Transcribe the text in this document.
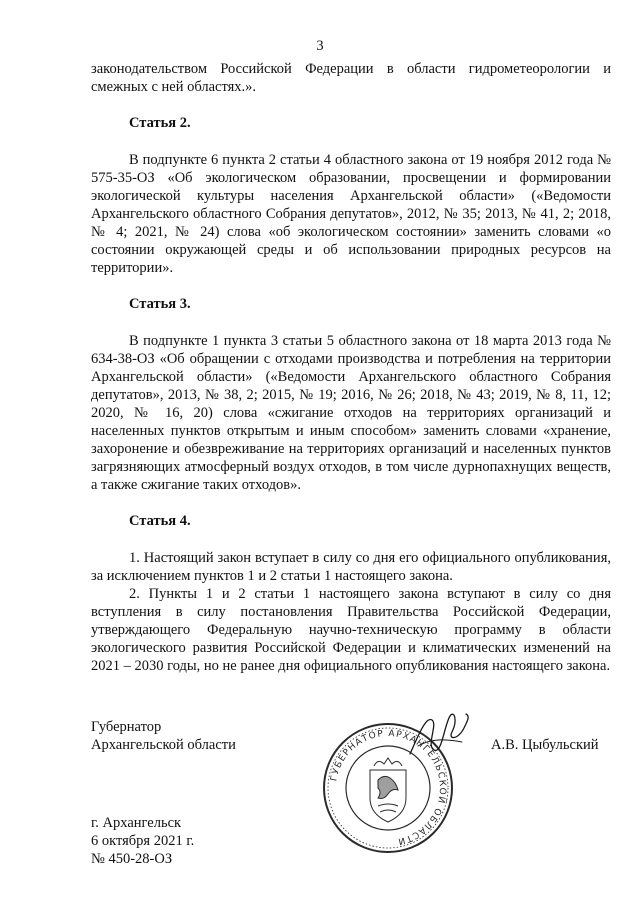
3

законодательством Российской Федерации в области гидрометеорологии и смежных с ней областях.».

Статья 2.

В подпункте 6 пункта 2 статьи 4 областного закона от 19 ноября 2012 года № 575-35-ОЗ «Об экологическом образовании, просвещении и формировании экологической культуры населения Архангельской области» («Ведомости Архангельского областного Собрания депутатов», 2012, № 35; 2013, № 41, 2; 2018, № 4; 2021, № 24) слова «об экологическом состоянии» заменить словами «о состоянии окружающей среды и об использовании природных ресурсов на территории».

Статья 3.

В подпункте 1 пункта 3 статьи 5 областного закона от 18 марта 2013 года № 634-38-ОЗ «Об обращении с отходами производства и потребления на территории Архангельской области» («Ведомости Архангельского областного Собрания депутатов», 2013, № 38, 2; 2015, № 19; 2016, № 26; 2018, № 43; 2019, № 8, 11, 12; 2020, № 16, 20) слова «сжигание отходов на территориях организаций и населенных пунктов открытым и иным способом» заменить словами «хранение, захоронение и обезвреживание на территориях организаций и населенных пунктов загрязняющих атмосферный воздух отходов, в том числе дурнопахнущих веществ, а также сжигание таких отходов».

Статья 4.

1. Настоящий закон вступает в силу со дня его официального опубликования, за исключением пунктов 1 и 2 статьи 1 настоящего закона.

2. Пункты 1 и 2 статьи 1 настоящего закона вступают в силу со дня вступления в силу постановления Правительства Российской Федерации, утверждающего Федеральную научно-техническую программу в области экологического развития Российской Федерации и климатических изменений на 2021 – 2030 годы, но не ранее дня официального опубликования настоящего закона.

Губернатор
Архангельской области	А.В. Цыбульский
ГУБЕРНАТОР АРХАНГЕЛЬСКОЙ ОБЛАСТИ
г. Архангельск
6 октября 2021 г.
№ 450-28-ОЗ
